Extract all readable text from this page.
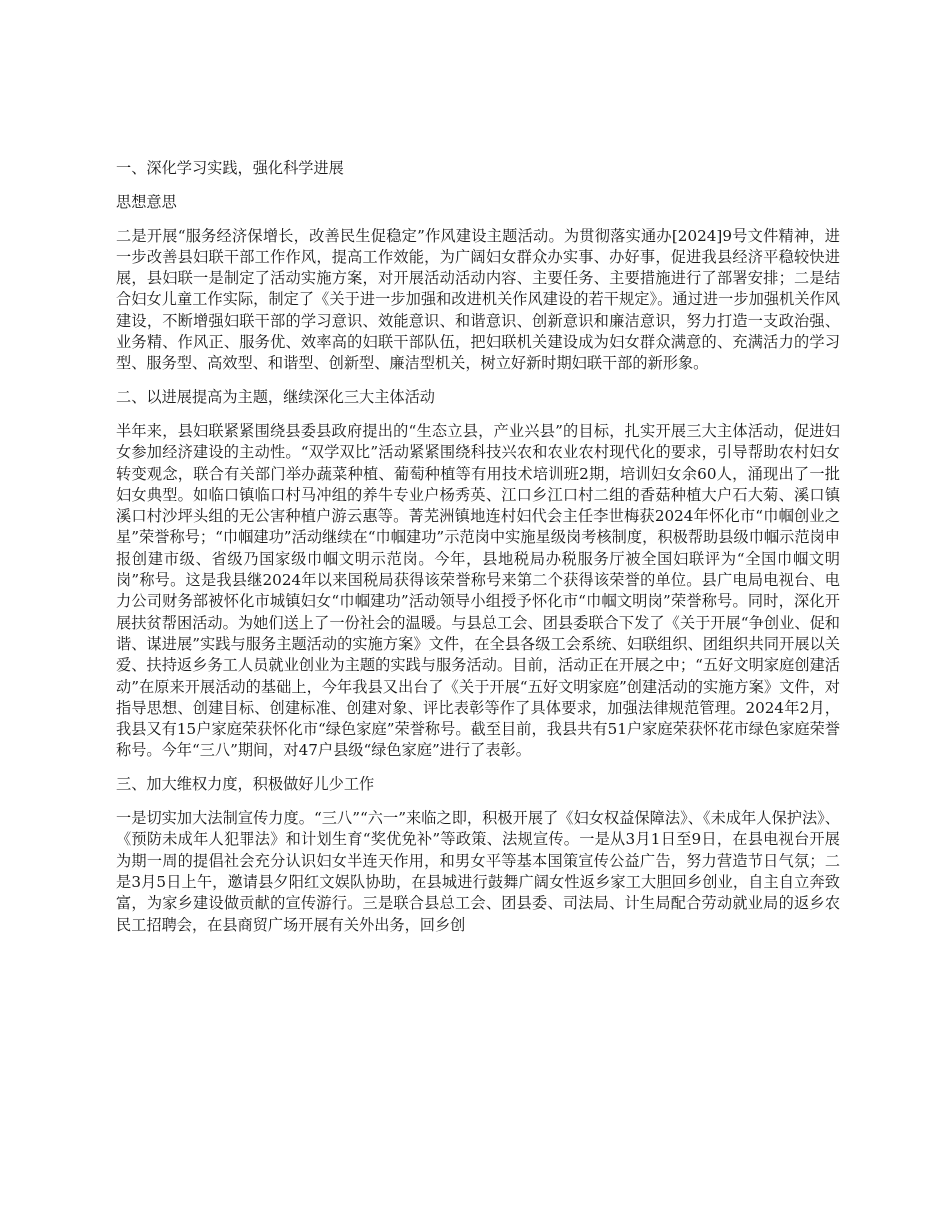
一、深化学习实践，强化科学进展

思想意思

二是开展“服务经济保增长，改善民生促稳定”作风建设主题活动。为贯彻落实通办[2024]9号文件精神，进一步改善县妇联干部工作作风，提高工作效能，为广阔妇女群众办实事、办好事，促进我县经济平稳较快进展，县妇联一是制定了活动实施方案，对开展活动活动内容、主要任务、主要措施进行了部署安排；二是结合妇女儿童工作实际，制定了《关于进一步加强和改进机关作风建设的若干规定》。通过进一步加强机关作风建设，不断增强妇联干部的学习意识、效能意识、和谐意识、创新意识和廉洁意识，努力打造一支政治强、业务精、作风正、服务优、效率高的妇联干部队伍，把妇联机关建设成为妇女群众满意的、充满活力的学习型、服务型、高效型、和谐型、创新型、廉洁型机关，树立好新时期妇联干部的新形象。

二、以进展提高为主题，继续深化三大主体活动

半年来，县妇联紧紧围绕县委县政府提出的“生态立县，产业兴县”的目标，扎实开展三大主体活动，促进妇女参加经济建设的主动性。“双学双比”活动紧紧围绕科技兴农和农业农村现代化的要求，引导帮助农村妇女转变观念，联合有关部门举办蔬菜种植、葡萄种植等有用技术培训班2期，培训妇女余60人，涌现出了一批妇女典型。如临口镇临口村马冲组的养牛专业户杨秀英、江口乡江口村二组的香菇种植大户石大菊、溪口镇溪口村沙坪头组的无公害种植户游云惠等。菁芜洲镇地连村妇代会主任李世梅获2024年怀化市“巾帼创业之星”荣誉称号；“巾帼建功”活动继续在“巾帼建功”示范岗中实施星级岗考核制度，积极帮助县级巾帼示范岗申报创建市级、省级乃国家级巾帼文明示范岗。今年，县地税局办税服务厅被全国妇联评为“全国巾帼文明岗”称号。这是我县继2024年以来国税局获得该荣誉称号来第二个获得该荣誉的单位。县广电局电视台、电力公司财务部被怀化市城镇妇女“巾帼建功”活动领导小组授予怀化市“巾帼文明岗”荣誉称号。同时，深化开展扶贫帮困活动。为她们送上了一份社会的温暖。与县总工会、团县委联合下发了《关于开展“争创业、促和谐、谋进展”实践与服务主题活动的实施方案》文件，在全县各级工会系统、妇联组织、团组织共同开展以关爱、扶持返乡务工人员就业创业为主题的实践与服务活动。目前，活动正在开展之中；“五好文明家庭创建活动”在原来开展活动的基础上，今年我县又出台了《关于开展“五好文明家庭”创建活动的实施方案》文件，对指导思想、创建目标、创建标准、创建对象、评比表彰等作了具体要求，加强法律规范管理。2024年2月，我县又有15户家庭荣获怀化市“绿色家庭”荣誉称号。截至目前，我县共有51户家庭荣获怀花市绿色家庭荣誉称号。今年“三八”期间，对47户县级“绿色家庭”进行了表彰。

三、加大维权力度，积极做好儿少工作

一是切实加大法制宣传力度。“三八”“六一”来临之即，积极开展了《妇女权益保障法》、《未成年人保护法》、《预防未成年人犯罪法》和计划生育“奖优免补”等政策、法规宣传。一是从3月1日至9日，在县电视台开展为期一周的提倡社会充分认识妇女半连天作用，和男女平等基本国策宣传公益广告，努力营造节日气氛；二是3月5日上午，邀请县夕阳红文娱队协助，在县城进行鼓舞广阔女性返乡家工大胆回乡创业，自主自立奔致富，为家乡建设做贡献的宣传游行。三是联合县总工会、团县委、司法局、计生局配合劳动就业局的返乡农民工招聘会，在县商贸广场开展有关外出务，回乡创
